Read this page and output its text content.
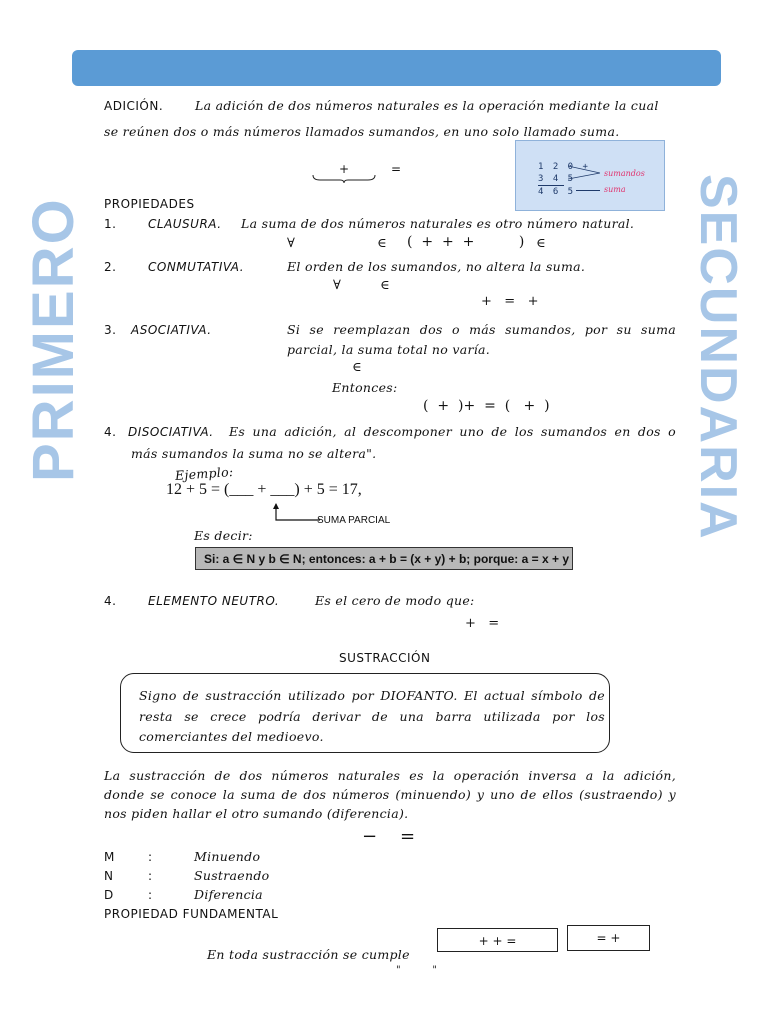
PRIMERO	SECUNDARIA
ADICIÓN.	La adición de dos números naturales es la operación mediante la cual
se reúnen dos o más números llamados sumandos, en uno solo llamado suma.
+	=	1 2 0 +
3 4 5
4 6 5
sumandos
suma
PROPIEDADES
1.	CLAUSURA. La suma de dos números naturales es otro número natural.
∀	∈ (  +  +  +          ) ∈
2.	CONMUTATIVA.	El orden de los sumandos, no altera la suma.
∀	∈
+   =   +
3. ASOCIATIVA.	Si se reemplazan dos o más sumandos, por su suma
parcial, la suma total no varía.
∈
Entonces:
(  +  )+  =  (   +  )
4. DISOCIATIVA. Es una adición, al descomponer uno de los sumandos en dos o
más sumandos la suma no se altera".
Ejemplo:
12 + 5 = (___ + ___) + 5 = 17,
SUMA PARCIAL
Es decir:
Si: a ∈ N y b ∈ N; entonces: a + b = (x + y) + b; porque: a = x + y
4.	ELEMENTO NEUTRO.	Es el cero de modo que:
+   =
SUSTRACCIÓN
Signo de sustracción utilizado por DIOFANTO. El actual símbolo de
resta se crece podría derivar de una barra utilizada por los
comerciantes del medioevo.
La sustracción de dos números naturales es la operación inversa a la adición,
donde se conoce la suma de dos números (minuendo) y uno de ellos (sustraendo) y
nos piden hallar el otro sumando (diferencia).
−    =
M	:	Minuendo
N	:	Sustraendo
D	:	Diferencia
PROPIEDAD FUNDAMENTAL
+ + =	= +
En toda sustracción se cumple
"          "
